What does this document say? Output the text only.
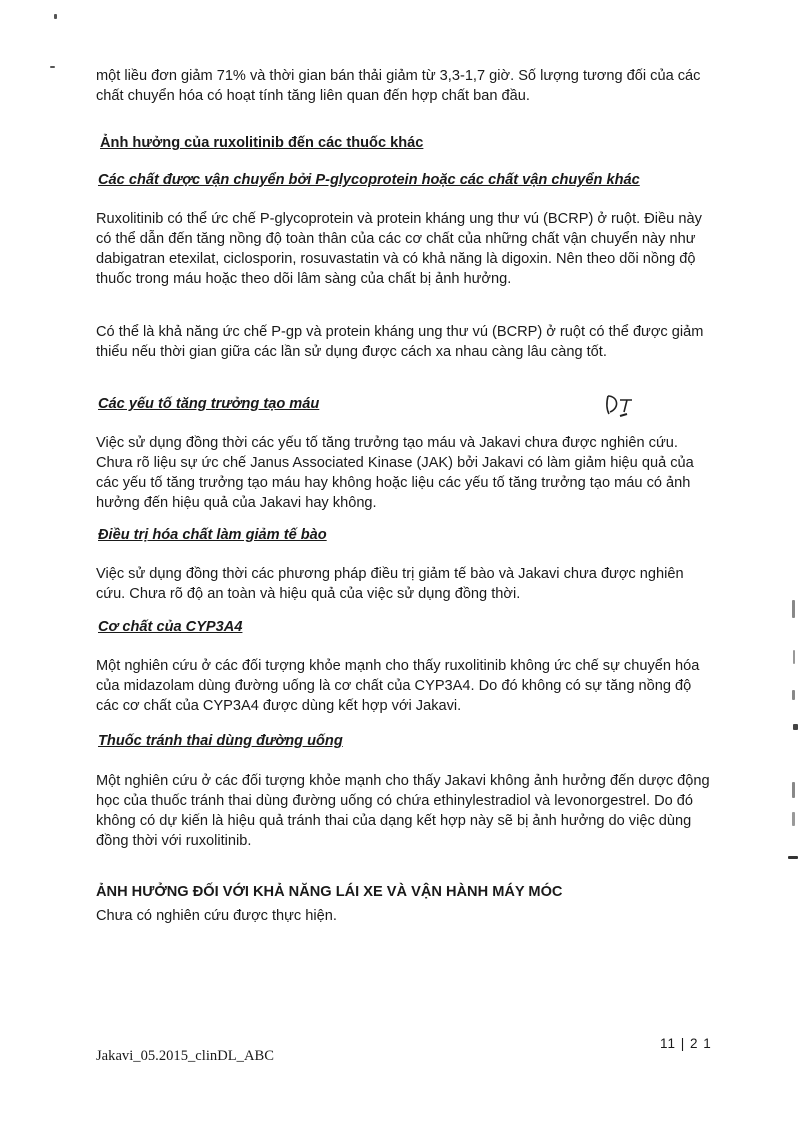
một liều đơn giảm 71% và thời gian bán thải giảm từ 3,3-1,7 giờ. Số lượng tương đối của các chất chuyển hóa có hoạt tính tăng liên quan đến hợp chất ban đầu.

Ảnh hưởng của ruxolitinib đến các thuốc khác
Các chất được vận chuyển bởi P-glycoprotein hoặc các chất vận chuyển khác

Ruxolitinib có thể ức chế P-glycoprotein và protein kháng ung thư vú (BCRP) ở ruột. Điều này có thể dẫn đến tăng nồng độ toàn thân của các cơ chất của những chất vận chuyển này như dabigatran etexilat, ciclosporin, rosuvastatin và có khả năng là digoxin. Nên theo dõi nồng độ thuốc trong máu hoặc theo dõi lâm sàng của chất bị ảnh hưởng.

Có thể là khả năng ức chế P-gp và protein kháng ung thư vú (BCRP) ở ruột có thể được giảm thiểu nếu thời gian giữa các lần sử dụng được cách xa nhau càng lâu càng tốt.

Các yếu tố tăng trưởng tạo máu

Việc sử dụng đồng thời các yếu tố tăng trưởng tạo máu và Jakavi chưa được nghiên cứu. Chưa rõ liệu sự ức chế Janus Associated Kinase (JAK) bởi Jakavi có làm giảm hiệu quả của các yếu tố tăng trưởng tạo máu hay không hoặc liệu các yếu tố tăng trưởng tạo máu có ảnh hưởng đến hiệu quả của Jakavi hay không.

Điều trị hóa chất làm giảm tế bào

Việc sử dụng đồng thời các phương pháp điều trị giảm tế bào và Jakavi chưa được nghiên cứu. Chưa rõ độ an toàn và hiệu quả của việc sử dụng đồng thời.

Cơ chất của CYP3A4

Một nghiên cứu ở các đối tượng khỏe mạnh cho thấy ruxolitinib không ức chế sự chuyển hóa của midazolam dùng đường uống là cơ chất của CYP3A4. Do đó không có sự tăng nồng độ các cơ chất của CYP3A4 được dùng kết hợp với Jakavi.

Thuốc tránh thai dùng đường uống

Một nghiên cứu ở các đối tượng khỏe mạnh cho thấy Jakavi không ảnh hưởng đến dược động học của thuốc tránh thai dùng đường uống có chứa ethinylestradiol và levonorgestrel. Do đó không có dự kiến là hiệu quả tránh thai của dạng kết hợp này sẽ bị ảnh hưởng do việc dùng đồng thời với ruxolitinib.

ẢNH HƯỞNG ĐỐI VỚI KHẢ NĂNG LÁI XE VÀ VẬN HÀNH MÁY MÓC

Chưa có nghiên cứu được thực hiện.

Jakavi_05.2015_clinDL_ABC
11 | 2 1
